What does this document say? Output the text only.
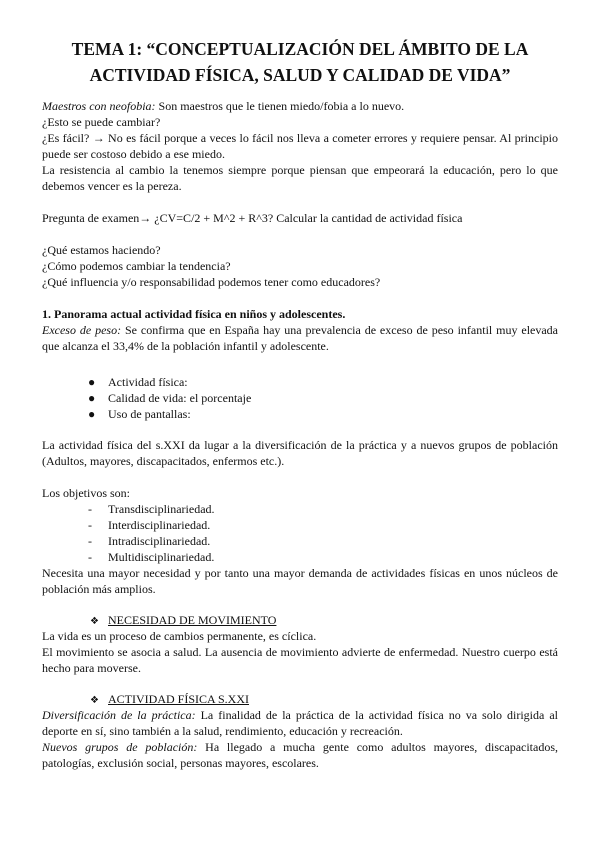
TEMA 1: “CONCEPTUALIZACIÓN DEL ÁMBITO DE LA
ACTIVIDAD FÍSICA, SALUD Y CALIDAD DE VIDA”
Maestros con neofobia: Son maestros que le tienen miedo/fobia a lo nuevo.
¿Esto se puede cambiar?
¿Es fácil? → No es fácil porque a veces lo fácil nos lleva a cometer errores y requiere pensar. Al principio
puede ser costoso debido a ese miedo.
La resistencia al cambio la tenemos siempre porque piensan que empeorará la educación, pero lo que
debemos vencer es la pereza.
Pregunta de examen→ ¿CV=C/2 + M^2 + R^3? Calcular la cantidad de actividad física
¿Qué estamos haciendo?
¿Cómo podemos cambiar la tendencia?
¿Qué influencia y/o responsabilidad podemos tener como educadores?
1. Panorama actual actividad física en niños y adolescentes.
Exceso de peso: Se confirma que en España hay una prevalencia de exceso de peso infantil muy elevada
que alcanza el 33,4% de la población infantil y adolescente.
● Actividad física:
● Calidad de vida: el porcentaje
● Uso de pantallas:
La actividad física del s.XXI da lugar a la diversificación de la práctica y a nuevos grupos de población
(Adultos, mayores, discapacitados, enfermos etc.).
Los objetivos son:
- Transdisciplinariedad.
- Interdisciplinariedad.
- Intradisciplinariedad.
- Multidisciplinariedad.
Necesita una mayor necesidad y por tanto una mayor demanda de actividades físicas en unos núcleos de
población más amplios.
❖ NECESIDAD DE MOVIMIENTO
La vida es un proceso de cambios permanente, es cíclica.
El movimiento se asocia a salud. La ausencia de movimiento advierte de enfermedad. Nuestro cuerpo está
hecho para moverse.
❖ ACTIVIDAD FÍSICA S.XXI
Diversificación de la práctica: La finalidad de la práctica de la actividad física no va solo dirigida al
deporte en sí, sino también a la salud, rendimiento, educación y recreación.
Nuevos grupos de población: Ha llegado a mucha gente como adultos mayores, discapacitados,
patologías, exclusión social, personas mayores, escolares.
